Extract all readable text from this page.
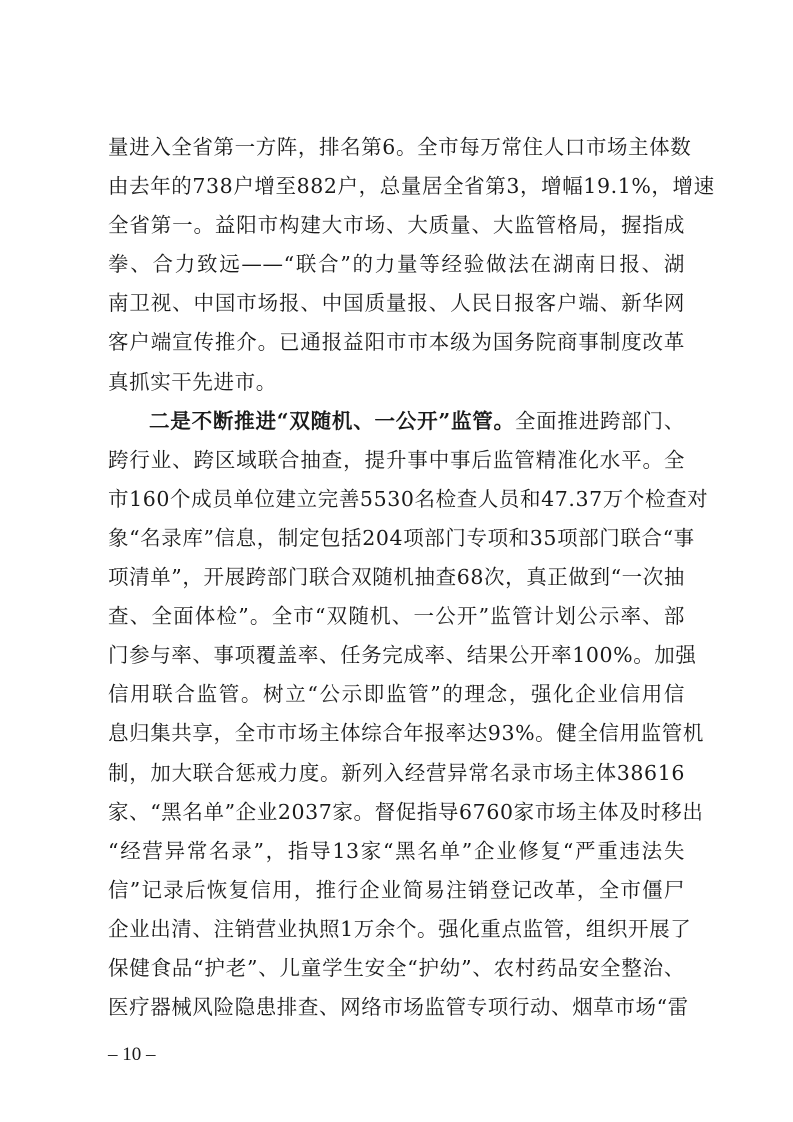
量进入全省第一方阵，排名第6。全市每万常住人口市场主体数
由去年的738户增至882户，总量居全省第3，增幅19.1%，增速
全省第一。益阳市构建大市场、大质量、大监管格局，握指成
拳、合力致远——“联合”的力量等经验做法在湖南日报、湖
南卫视、中国市场报、中国质量报、人民日报客户端、新华网
客户端宣传推介。已通报益阳市市本级为国务院商事制度改革
真抓实干先进市。
二是不断推进“双随机、一公开”监管。全面推进跨部门、
跨行业、跨区域联合抽查，提升事中事后监管精准化水平。全
市160个成员单位建立完善5530名检查人员和47.37万个检查对
象“名录库”信息，制定包括204项部门专项和35项部门联合“事
项清单”，开展跨部门联合双随机抽查68次，真正做到“一次抽
查、全面体检”。全市“双随机、一公开”监管计划公示率、部
门参与率、事项覆盖率、任务完成率、结果公开率100%。加强
信用联合监管。树立“公示即监管”的理念，强化企业信用信
息归集共享，全市市场主体综合年报率达93%。健全信用监管机
制，加大联合惩戒力度。新列入经营异常名录市场主体38616
家、“黑名单”企业2037家。督促指导6760家市场主体及时移出
“经营异常名录”，指导13家“黑名单”企业修复“严重违法失
信”记录后恢复信用，推行企业简易注销登记改革，全市僵尸
企业出清、注销营业执照1万余个。强化重点监管，组织开展了
保健食品“护老”、儿童学生安全“护幼”、农村药品安全整治、
医疗器械风险隐患排查、网络市场监管专项行动、烟草市场“雷
– 10 –
